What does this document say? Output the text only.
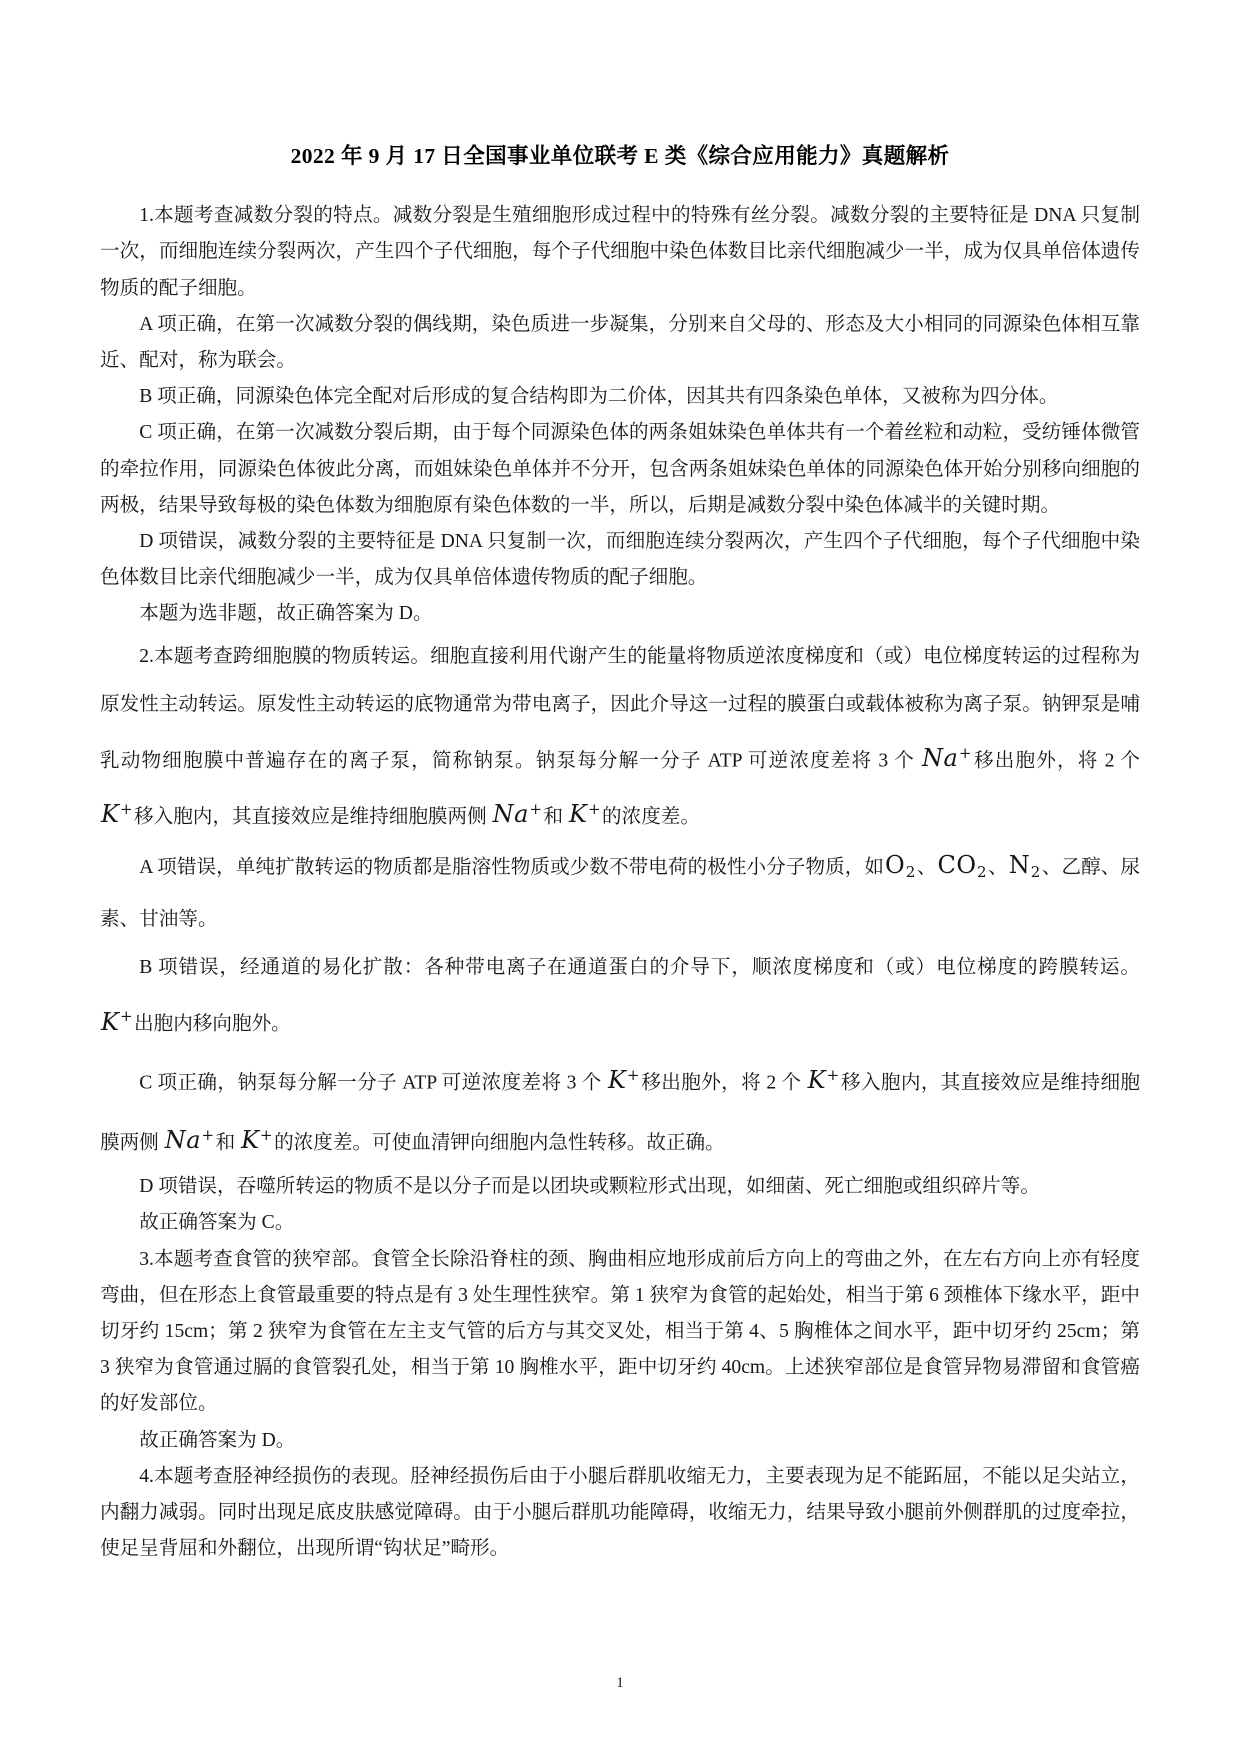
2022 年 9 月 17 日全国事业单位联考 E 类《综合应用能力》真题解析

1.本题考查减数分裂的特点。减数分裂是生殖细胞形成过程中的特殊有丝分裂。减数分裂的主要特征是 DNA 只复制一次，而细胞连续分裂两次，产生四个子代细胞，每个子代细胞中染色体数目比亲代细胞减少一半，成为仅具单倍体遗传物质的配子细胞。

A 项正确，在第一次减数分裂的偶线期，染色质进一步凝集，分别来自父母的、形态及大小相同的同源染色体相互靠近、配对，称为联会。

B 项正确，同源染色体完全配对后形成的复合结构即为二价体，因其共有四条染色单体，又被称为四分体。

C 项正确，在第一次减数分裂后期，由于每个同源染色体的两条姐妹染色单体共有一个着丝粒和动粒，受纺锤体微管的牵拉作用，同源染色体彼此分离，而姐妹染色单体并不分开，包含两条姐妹染色单体的同源染色体开始分别移向细胞的两极，结果导致每极的染色体数为细胞原有染色体数的一半，所以，后期是减数分裂中染色体减半的关键时期。

D 项错误，减数分裂的主要特征是 DNA 只复制一次，而细胞连续分裂两次，产生四个子代细胞，每个子代细胞中染色体数目比亲代细胞减少一半，成为仅具单倍体遗传物质的配子细胞。

本题为选非题，故正确答案为 D。

2.本题考查跨细胞膜的物质转运。细胞直接利用代谢产生的能量将物质逆浓度梯度和（或）电位梯度转运的过程称为原发性主动转运。原发性主动转运的底物通常为带电离子，因此介导这一过程的膜蛋白或载体被称为离子泵。钠钾泵是哺乳动物细胞膜中普遍存在的离子泵，简称钠泵。钠泵每分解一分子 ATP 可逆浓度差将 3 个 Na+移出胞外，将 2 个 K+移入胞内，其直接效应是维持细胞膜两侧 Na+和 K+的浓度差。

A 项错误，单纯扩散转运的物质都是脂溶性物质或少数不带电荷的极性小分子物质，如$O_2$、$CO_2$、$N_2$、乙醇、尿素、甘油等。

B 项错误，经通道的易化扩散：各种带电离子在通道蛋白的介导下，顺浓度梯度和（或）电位梯度的跨膜转运。K+出胞内移向胞外。

C 项正确，钠泵每分解一分子 ATP 可逆浓度差将 3 个 K+移出胞外，将 2 个 K+移入胞内，其直接效应是维持细胞膜两侧 Na+和 K+的浓度差。可使血清钾向细胞内急性转移。故正确。

D 项错误，吞噬所转运的物质不是以分子而是以团块或颗粒形式出现，如细菌、死亡细胞或组织碎片等。

故正确答案为 C。

3.本题考查食管的狭窄部。食管全长除沿脊柱的颈、胸曲相应地形成前后方向上的弯曲之外，在左右方向上亦有轻度弯曲，但在形态上食管最重要的特点是有 3 处生理性狭窄。第 1 狭窄为食管的起始处，相当于第 6 颈椎体下缘水平，距中切牙约 15cm；第 2 狭窄为食管在左主支气管的后方与其交叉处，相当于第 4、5 胸椎体之间水平，距中切牙约 25cm；第 3 狭窄为食管通过膈的食管裂孔处，相当于第 10 胸椎水平，距中切牙约 40cm。上述狭窄部位是食管异物易滞留和食管癌的好发部位。

故正确答案为 D。

4.本题考查胫神经损伤的表现。胫神经损伤后由于小腿后群肌收缩无力，主要表现为足不能跖屈，不能以足尖站立，内翻力减弱。同时出现足底皮肤感觉障碍。由于小腿后群肌功能障碍，收缩无力，结果导致小腿前外侧群肌的过度牵拉，使足呈背屈和外翻位，出现所谓“钩状足”畸形。

1
